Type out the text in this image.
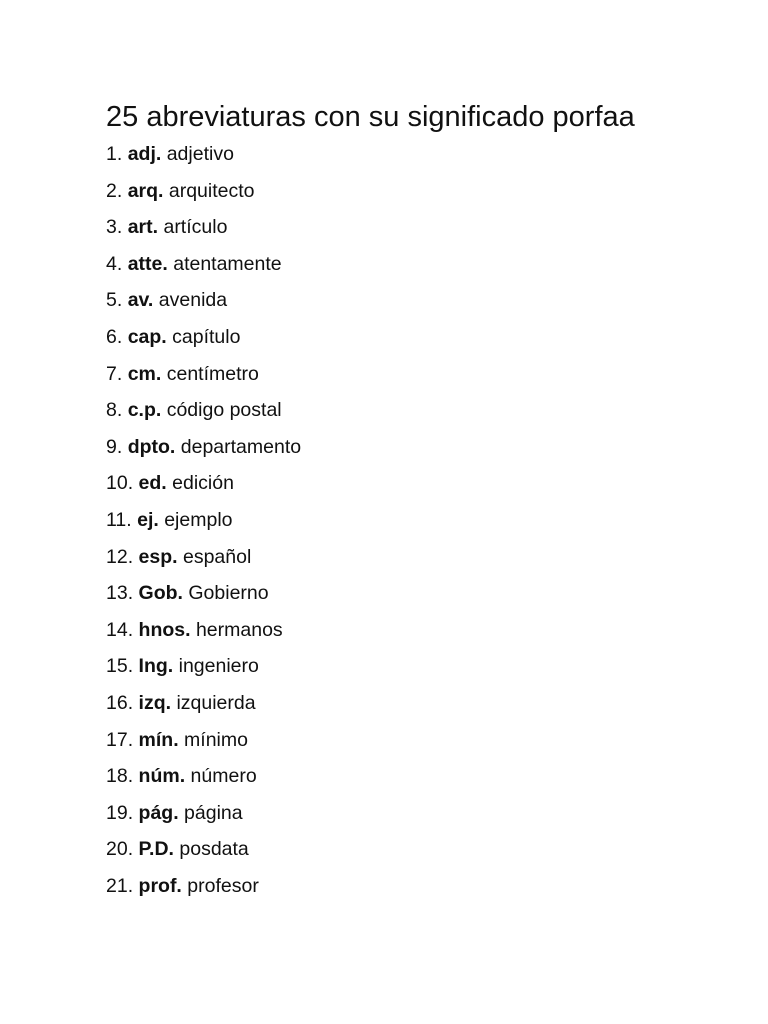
25 abreviaturas con su significado porfaa
1. adj. adjetivo
2. arq. arquitecto
3. art. artículo
4. atte. atentamente
5. av. avenida
6. cap. capítulo
7. cm. centímetro
8. c.p. código postal
9. dpto. departamento
10. ed. edición
11. ej. ejemplo
12. esp. español
13. Gob. Gobierno
14. hnos. hermanos
15. Ing. ingeniero
16. izq. izquierda
17. mín. mínimo
18. núm. número
19. pág. página
20. P.D. posdata
21. prof. profesor
